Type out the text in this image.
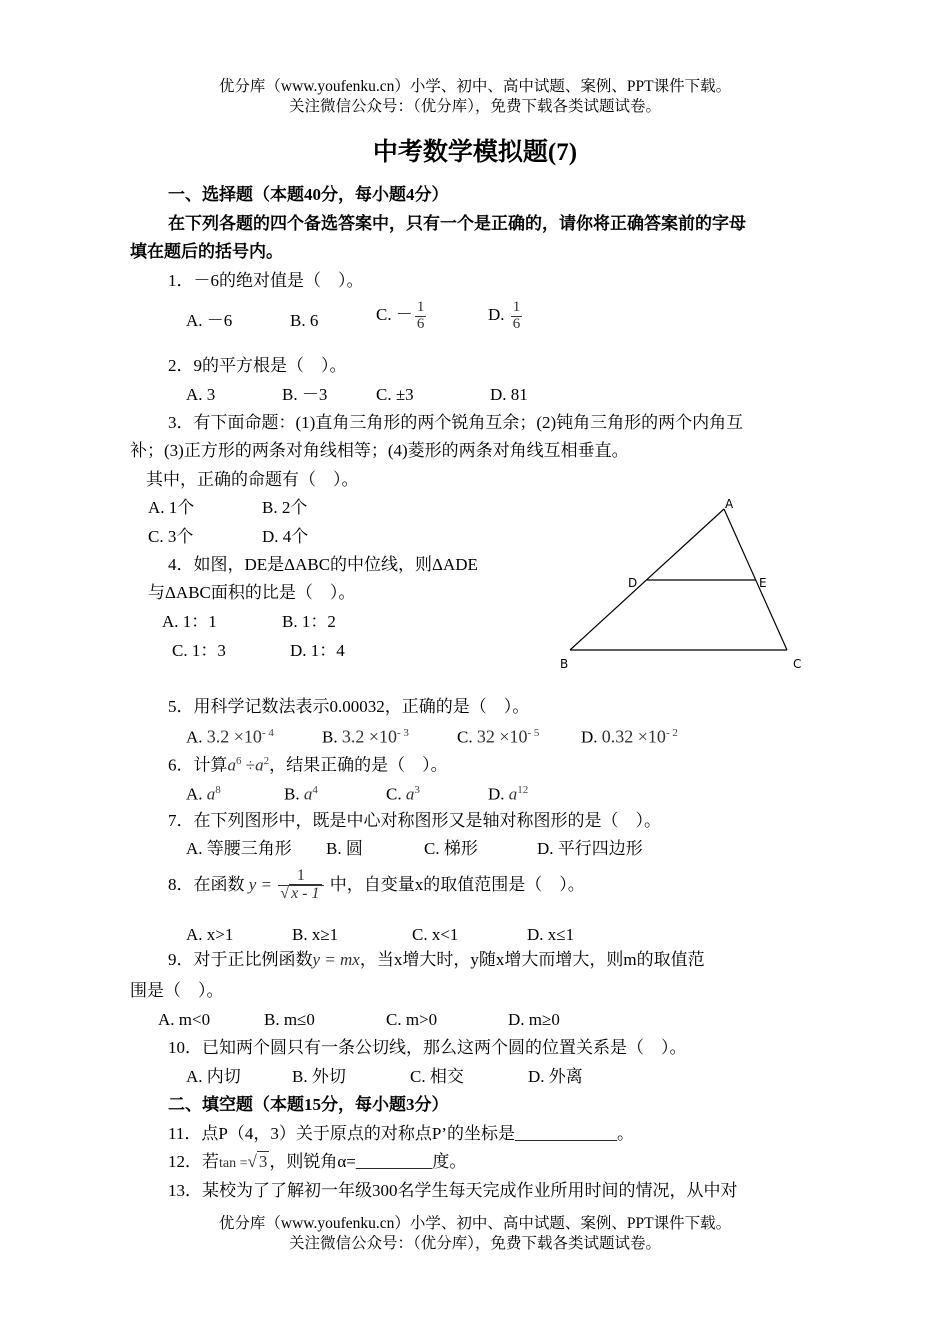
优分库（www.youfenku.cn）小学、初中、高中试题、案例、PPT课件下载。
关注微信公众号：（优分库），免费下载各类试题试卷。
中考数学模拟题(7)
一、选择题（本题40分，每小题4分）
在下列各题的四个备选答案中，只有一个是正确的，请你将正确答案前的字母
填在题后的括号内。
1．－6的绝对值是（　）。
A. －6	B. 6	C. － $\frac{1}{6}$	D. $\frac{1}{6}$
2．9的平方根是（　）。
A. 3	B. －3	C. ±3	D. 81
3．有下面命题：(1)直角三角形的两个锐角互余；(2)钝角三角形的两个内角互
补；(3)正方形的两条对角线相等；(4)菱形的两条对角线互相垂直。
其中，正确的命题有（　）。
A. 1个	B. 2个
C. 3个	D. 4个
4．如图，DE是ΔABC的中位线，则ΔADE
与ΔABC面积的比是（　）。
A. 1：1	B. 1：2
C. 1：3	D. 1：4
A
B	C
D	E
5．用科学记数法表示0.00032，正确的是（　）。
A. $3.2 \times 10^{- 4}$	B. $3.2 \times 10^{- 3}$	C. $32 \times 10^{- 5}$ D. $0.32 \times 10^{- 2}$
6．计算$a^6 \div a^2$，结果正确的是（　）。
A. $a^8$	B. $a^4$	C. $a^3$	D. $a^{12}$
7．在下列图形中，既是中心对称图形又是轴对称图形的是（　）。
A. 等腰三角形 B. 圆	C. 梯形	D. 平行四边形
8．在函数 $y = \frac{1}{√ x - 1}$ 中，自变量x的取值范围是（　）。
A. x>1	B. x≥1	C. x<1	D. x≤1
9．对于正比例函数y = mx，当x增大时，y随x增大而增大，则m的取值范
围是（　）。
A. m<0	B. m≤0	C. m>0	D. m≥0
10．已知两个圆只有一条公切线，那么这两个圆的位置关系是（　）。
A. 内切	B. 外切	C. 相交	D. 外离
二、填空题（本题15分，每小题3分）
11．点P（4，3）关于原点的对称点P’的坐标是____________。
12．若tan =√ 3 ，则锐角α=_________度。
13．某校为了了解初一年级300名学生每天完成作业所用时间的情况，从中对
优分库（www.youfenku.cn）小学、初中、高中试题、案例、PPT课件下载。
关注微信公众号：（优分库），免费下载各类试题试卷。
